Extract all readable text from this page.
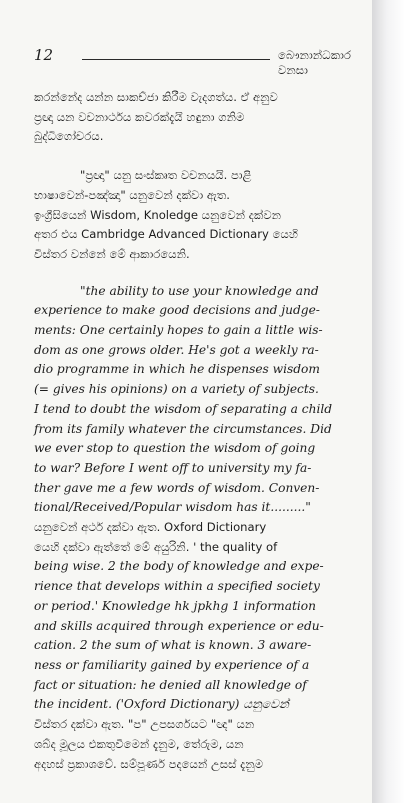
12	බෞනාන්ධකාර වනසා

කරන්නේද යන්න සාකච්ජා කිරීම වැදගත්ය. ඒ අනුව
ප්‍රඥා යන වචනාර්ථය කවරක්දැයි හඳුනා ගනිම
බුද්ධිගෝචරය.

"ප්‍රඥා" යනු සංස්කෘත වචනයයි. පාළි
භාෂාවෙන්-පඤ්ඤා" යනුවෙන් දක්වා ඇත.
ඉංග්‍රීසියෙන් Wisdom, Knoledge යනුවෙන් දක්වන
අතර එය Cambridge Advanced Dictionary යෙහි
විස්තර වන්නේ මේ ආකාරයෙනි.

"the ability to use your knowledge and
experience to make good decisions and judge-
ments: One certainly hopes to gain a little wis-
dom as one grows older. He's got a weekly ra-
dio programme in which he dispenses wisdom
(= gives his opinions) on a variety of subjects.
I tend to doubt the wisdom of separating a child
from its family whatever the circumstances. Did
we ever stop to question the wisdom of going
to war? Before I went off to university my fa-
ther gave me a few words of wisdom. Conven-
tional/Received/Popular wisdom has it........."

යනුවෙන් අර්ථ දක්වා ඇත. Oxford Dictionary
යෙහි දක්වා ඇත්තේ මේ අයුරිනි. ' the quality of
being wise. 2 the body of knowledge and expe-
rience that develops within a specified society
or period.' Knowledge hk jpkhg 1 information
and skills acquired through experience or edu-
cation. 2 the sum of what is known. 3 aware-
ness or familiarity gained by experience of a
fact or situation: he denied all knowledge of
the incident. ('Oxford Dictionary) යනුවෙන්
විස්තර දක්වා ඇත. "ප" උපසර්ගයට "ඥ" යන
ශබ්ද මූලය එකතුවීමෙන් දැනුම, තේරුම, යන
අදහස් ප්‍රකාශවේ. සම්පූර්ණ පදයෙන් උසස් දැනුම
